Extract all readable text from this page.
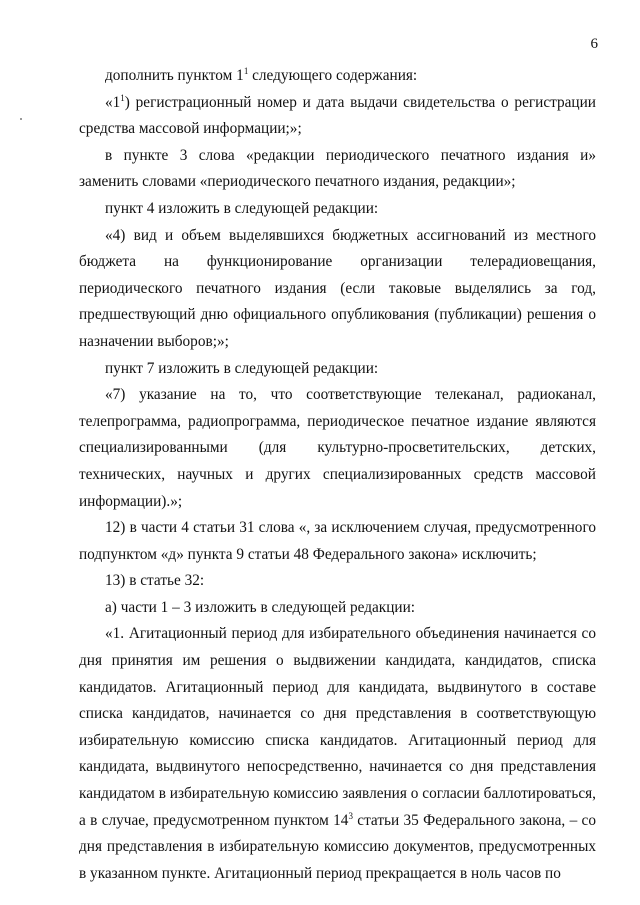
6

дополнить пунктом $1^1$ следующего содержания:

«$1^1$) регистрационный номер и дата выдачи свидетельства о регистрации средства массовой информации;»;

в пункте 3 слова «редакции периодического печатного издания и» заменить словами «периодического печатного издания, редакции»;

пункт 4 изложить в следующей редакции:

«4) вид и объем выделявшихся бюджетных ассигнований из местного бюджета на функционирование организации телерадиовещания, периодического печатного издания (если таковые выделялись за год, предшествующий дню официального опубликования (публикации) решения о назначении выборов;»;

пункт 7 изложить в следующей редакции:

«7) указание на то, что соответствующие телеканал, радиоканал, телепрограмма, радиопрограмма, периодическое печатное издание являются специализированными (для культурно-просветительских, детских, технических, научных и других специализированных средств массовой информации).»;

12) в части 4 статьи 31 слова «, за исключением случая, предусмотренного подпунктом «д» пункта 9 статьи 48 Федерального закона» исключить;

13) в статье 32:

а) части 1 – 3 изложить в следующей редакции:

«1. Агитационный период для избирательного объединения начинается со дня принятия им решения о выдвижении кандидата, кандидатов, списка кандидатов. Агитационный период для кандидата, выдвинутого в составе списка кандидатов, начинается со дня представления в соответствующую избирательную комиссию списка кандидатов. Агитационный период для кандидата, выдвинутого непосредственно, начинается со дня представления кандидатом в избирательную комиссию заявления о согласии баллотироваться, а в случае, предусмотренном пунктом $14^3$ статьи 35 Федерального закона, – со дня представления в избирательную комиссию документов, предусмотренных в указанном пункте. Агитационный период прекращается в ноль часов по
